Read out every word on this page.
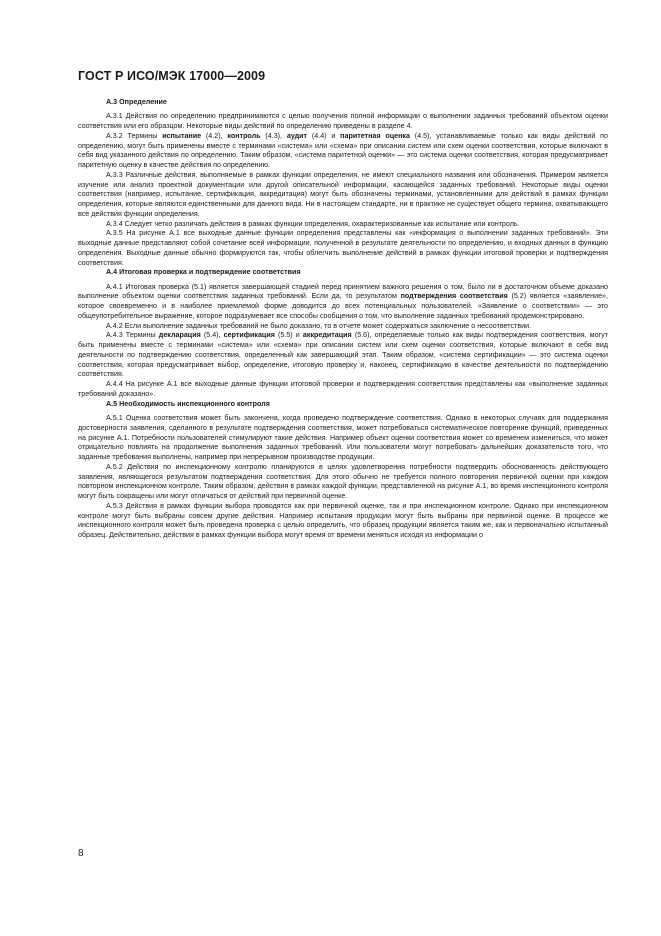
ГОСТ Р ИСО/МЭК 17000—2009

А.3 Определение

А.3.1 Действия по определению предпринимаются с целью получения полной информации о выполнении заданных требований объектом оценки соответствия или его образцом. Некоторые виды действий по определению приведены в разделе 4.

А.3.2 Термины испытание (4.2), контроль (4.3), аудит (4.4) и паритетная оценка (4.5), устанавливаемые только как виды действий по определению, могут быть применены вместе с терминами «система» или «схема» при описании систем или схем оценки соответствия, которые включают в себя вид указанного действия по определению. Таким образом, «система паритетной оценки» — это система оценки соответствия, которая предусматривает паритетную оценку в качестве действия по определению.

А.3.3 Различные действия, выполняемые в рамках функции определения, не имеют специального названия или обозначения. Примером является изучение или анализ проектной документации или другой описательной информации, касающейся заданных требований. Некоторые виды оценки соответствия (например, испытание, сертификация, аккредитация) могут быть обозначены терминами, установленными для действий в рамках функции определения, которые являются единственными для данного вида. Ни в настоящем стандарте, ни в практике не существует общего термина, охватывающего все действия функции определения.

А.3.4 Следует четко различать действия в рамках функции определения, охарактеризованные как испытание или контроль.

А.3.5 На рисунке А.1 все выходные данные функции определения представлены как «информация о выполнении заданных требований». Эти выходные данные представляют собой сочетание всей информации, полученной в результате деятельности по определению, и входных данных в функцию определения. Выходные данные обычно формируются так, чтобы облегчить выполнение действий в рамках функции итоговой проверки и подтверждения соответствия.

А.4 Итоговая проверка и подтверждение соответствия

А.4.1 Итоговая проверка (5.1) является завершающей стадией перед принятием важного решения о том, было ли в достаточном объеме доказано выполнение объектом оценки соответствия заданных требований. Если да, то результатом подтверждения соответствия (5.2) является «заявление», которое своевременно и в наиболее приемлемой форме доводится до всех потенциальных пользователей. «Заявление о соответствии» — это общеупотребительное выражение, которое подразумевает все способы сообщения о том, что выполнение заданных требований продемонстрировано.

А.4.2 Если выполнение заданных требований не было доказано, то в отчете может содержаться заключение о несоответствии.

А.4.3 Термины декларация (5.4), сертификация (5.5) и аккредитация (5.6), определяемые только как виды подтверждения соответствия, могут быть применены вместе с терминами «система» или «схема» при описании систем или схем оценки соответствия, которые включают в себя вид деятельности по подтверждению соответствия, определенный как завершающий этап. Таким образом, «система сертификации» — это система оценки соответствия, которая предусматривает выбор, определение, итоговую проверку и, наконец, сертификацию в качестве деятельности по подтверждению соответствия.

А.4.4 На рисунке А.1 все выходные данные функции итоговой проверки и подтверждения соответствия представлены как «выполнение заданных требований доказано».

А.5 Необходимость инспекционного контроля

А.5.1 Оценка соответствия может быть закончена, когда проведено подтверждение соответствия. Однако в некоторых случаях для поддержания достоверности заявления, сделанного в результате подтверждения соответствия, может потребоваться систематическое повторение функций, приведенных на рисунке А.1. Потребности пользователей стимулируют такие действия. Например объект оценки соответствия может со временем измениться, что может отрицательно повлиять на продолжение выполнения заданных требований. Или пользователи могут потребовать дальнейших доказательств того, что заданные требования выполнены, например при непрерывном производстве продукции.

А.5.2 Действия по инспекционному контролю планируются в целях удовлетворения потребности подтвердить обоснованность действующего заявления, являющегося результатом подтверждения соответствия. Для этого обычно не требуется полного повторения первичной оценки при каждом повторном инспекционном контроле. Таким образом, действия в рамках каждой функции, представленной на рисунке А.1, во время инспекционного контроля могут быть сокращены или могут отличаться от действий при первичной оценке.

А.5.3 Действия в рамках функции выбора проводятся как при первичной оценке, так и при инспекционном контроле. Однако при инспекционном контроле могут быть выбраны совсем другие действия. Например испытания продукции могут быть выбраны при первичной оценке. В процессе же инспекционного контроля может быть проведена проверка с целью определить, что образец продукции является таким же, как и первоначально испытанный образец. Действительно, действия в рамках функции выбора могут время от времени меняться исходя из информации о

8
